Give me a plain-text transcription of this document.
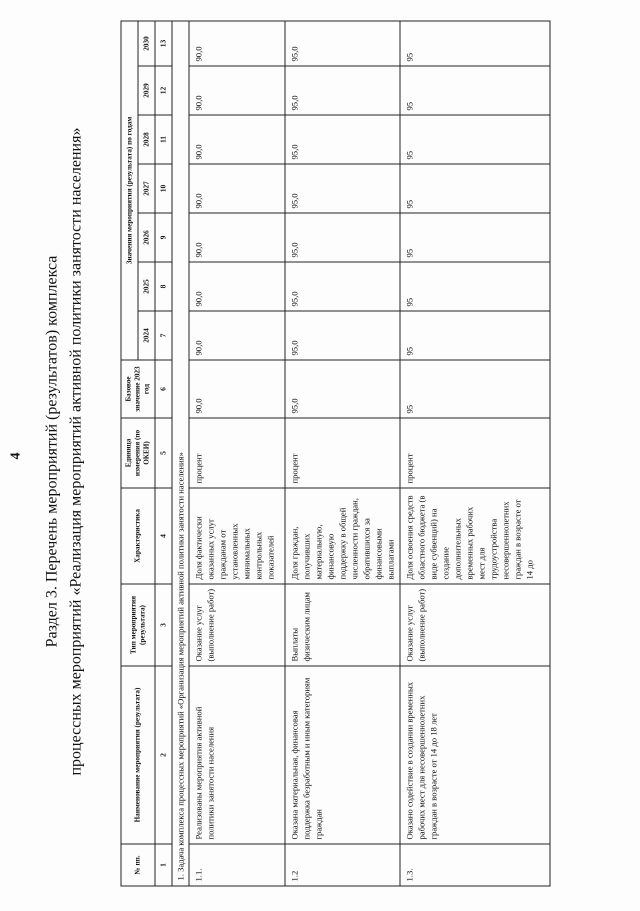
4 Раздел 3. Перечень мероприятий (результатов) комплекса процессных мероприятий «Реализация мероприятий активной политики занятости населения»
№ пп.	Наименование мероприятия (результата)	Тип мероприятия (результата)	Характеристика	Единица измерения (по ОКЕИ)	Базовое значение 2023 год	Значения мероприятия (результата) по годам						
						2024	2025	2026	2027	2028	2029	2030
1	2	3	4	5	6	7	8	9	10	11	12	13
1. Задача комплекса процессных мероприятий «Организация мероприятий активной политики занятости населения»												
1.1.	Реализованы мероприятия активной политики занятости населения	Оказание услуг (выполнение работ)	Доля фактически оказанных услуг гражданам от установленных минимальных контрольных показателей	процент	90,0	90,0	90,0	90,0	90,0	90,0	90,0	90,0
1.2	Оказана материальная, финансовая поддержка безработным и иным категориям граждан	Выплаты физическим лицам	Доля граждан, получивших материальную, финансовую поддержку в общей численности граждан, обратившихся за финансовыми выплатами	процент	95,0	95,0	95,0	95,0	95,0	95,0	95,0	95,0
1.3.	Оказано содействие в создании временных рабочих мест для несовершеннолетних граждан в возрасте от 14 до 18 лет	Оказание услуг (выполнение работ)	Доля освоения средств областного бюджета (в виде субвенций) на создание дополнительных временных рабочих мест для трудоустройства несовершеннолетних граждан в возрасте от 14 до	процент	95	95	95	95	95	95	95	95
